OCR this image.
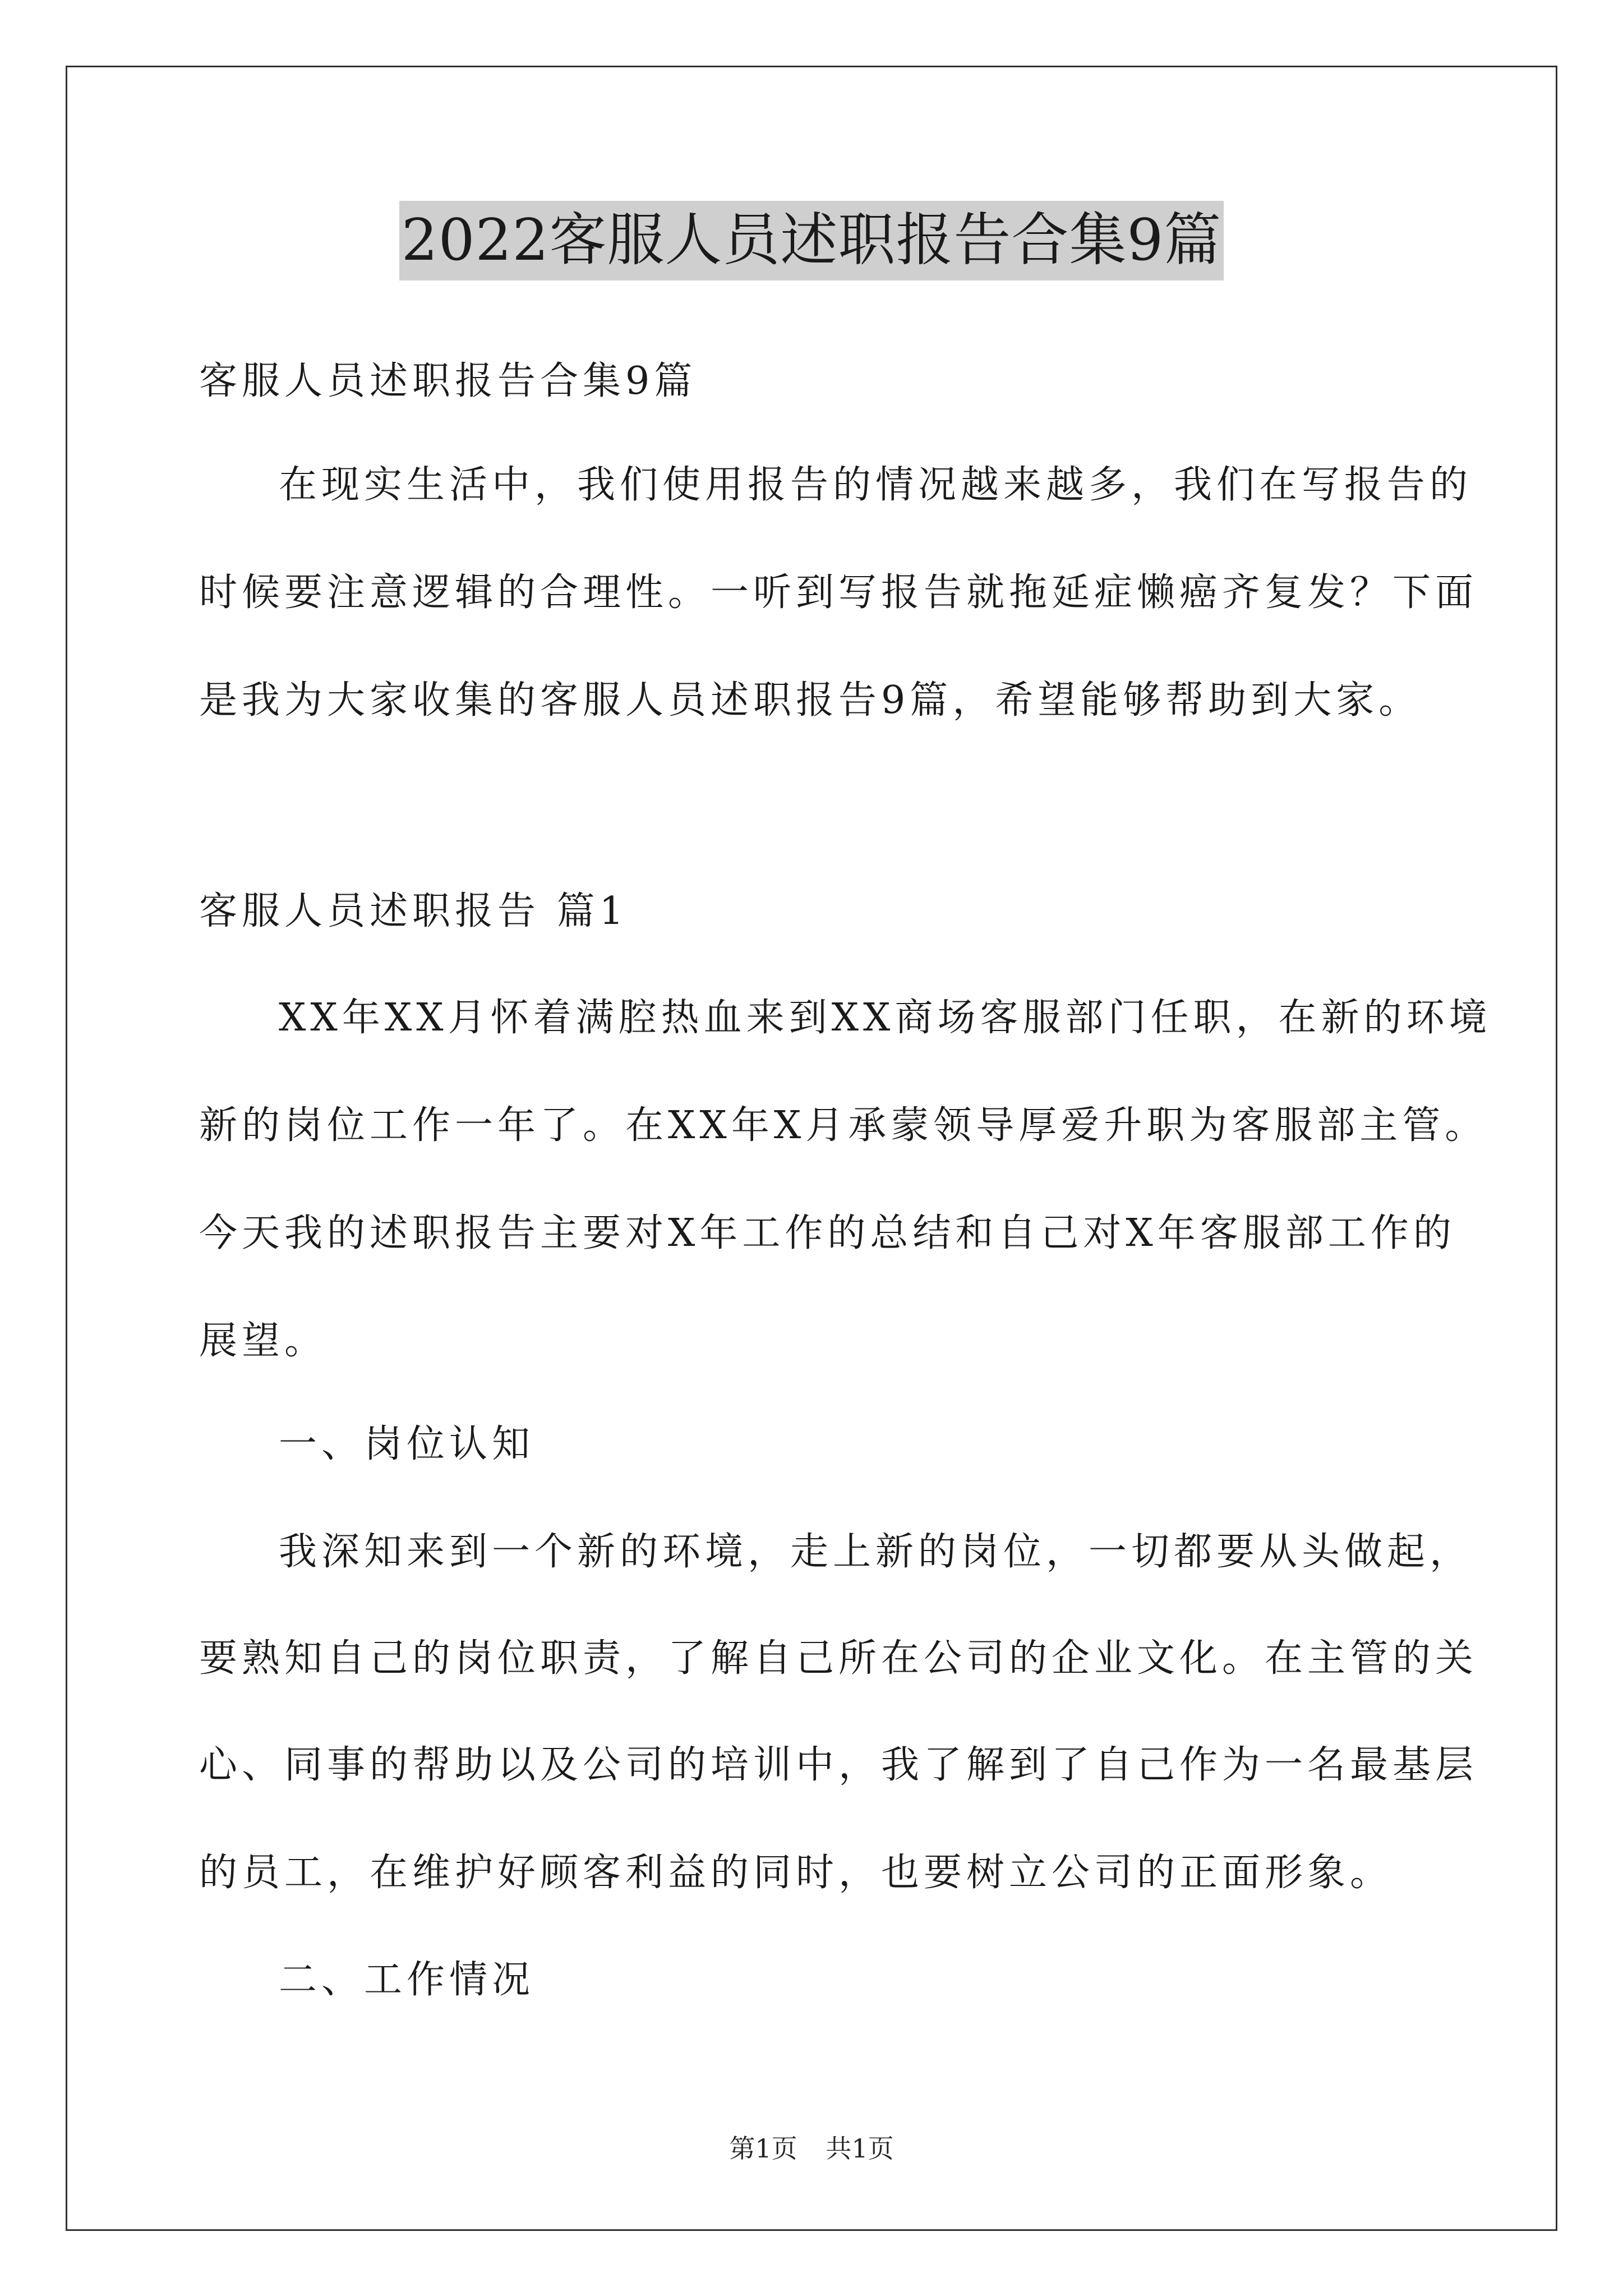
2022客服人员述职报告合集9篇
客服人员述职报告合集9篇
在现实生活中，我们使用报告的情况越来越多，我们在写报告的
时候要注意逻辑的合理性。一听到写报告就拖延症懒癌齐复发？下面
是我为大家收集的客服人员述职报告9篇，希望能够帮助到大家。
客服人员述职报告 篇1
XX年XX月怀着满腔热血来到XX商场客服部门任职，在新的环境
新的岗位工作一年了。在XX年X月承蒙领导厚爱升职为客服部主管。
今天我的述职报告主要对X年工作的总结和自己对X年客服部工作的
展望。
一、岗位认知
我深知来到一个新的环境，走上新的岗位，一切都要从头做起，
要熟知自己的岗位职责，了解自己所在公司的企业文化。在主管的关
心、同事的帮助以及公司的培训中，我了解到了自己作为一名最基层
的员工，在维护好顾客利益的同时，也要树立公司的正面形象。
二、工作情况
第1页 共1页
